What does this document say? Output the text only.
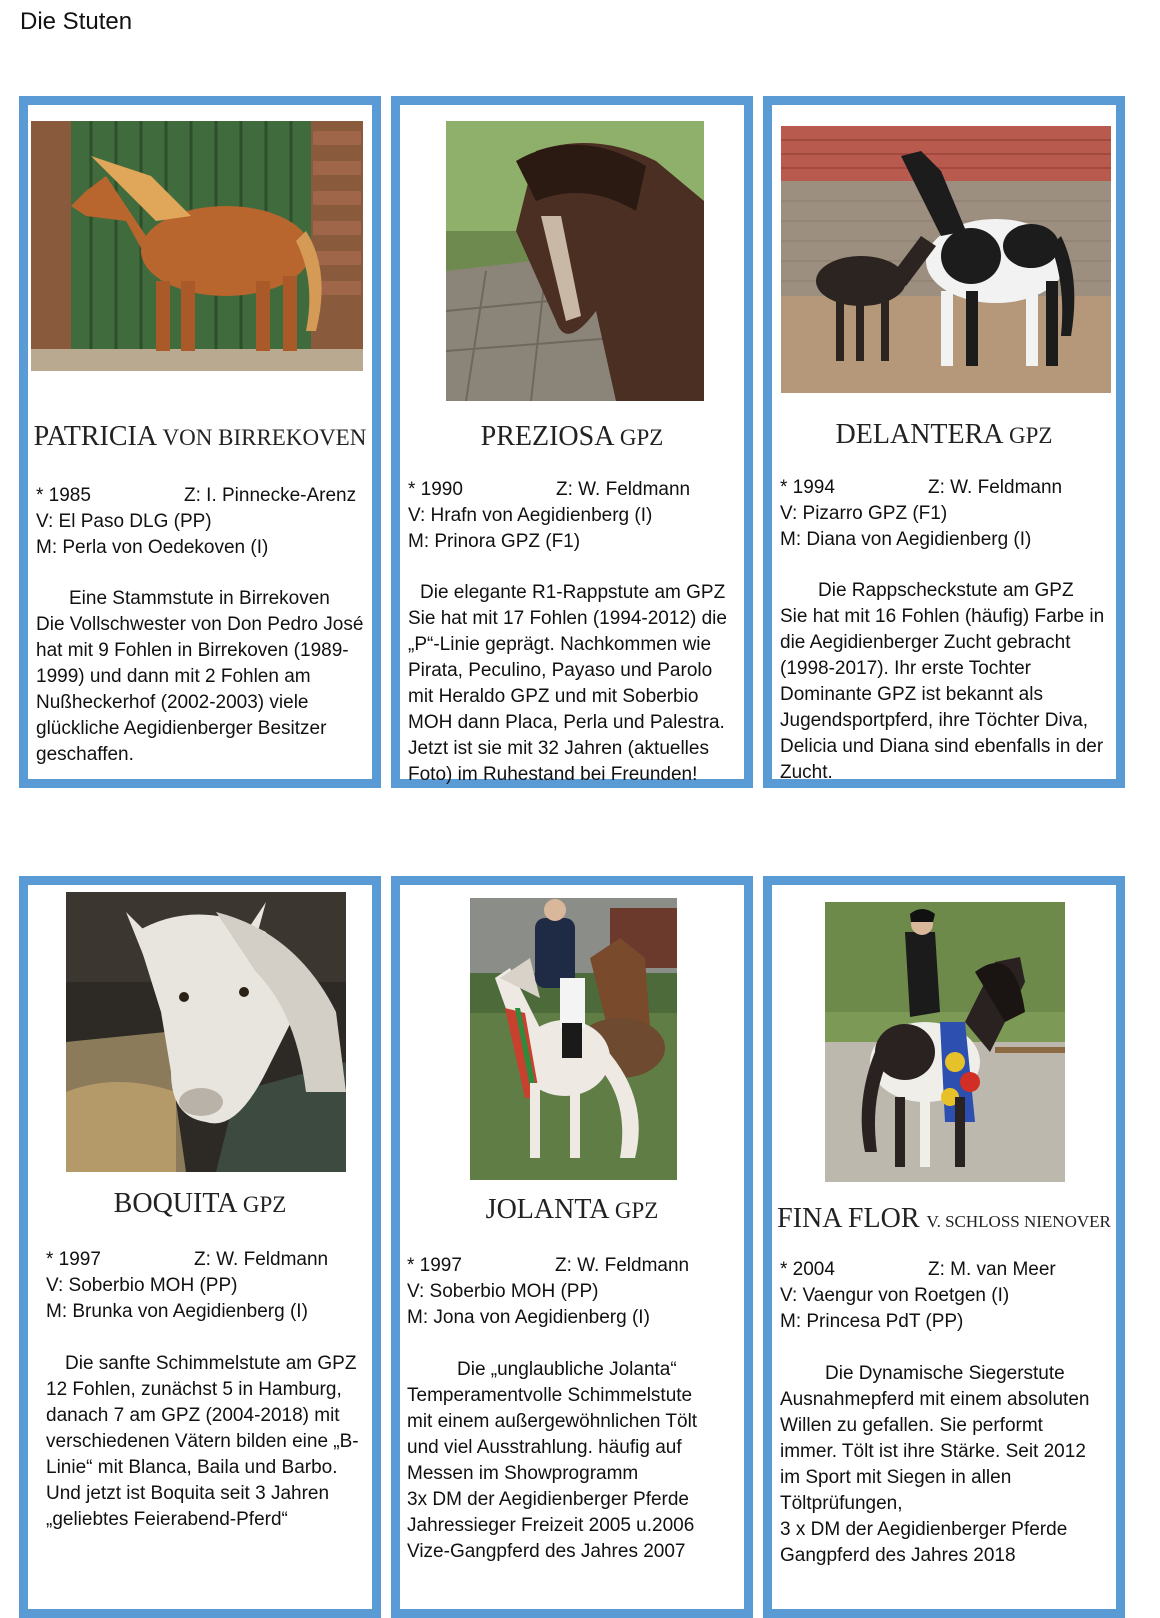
Die Stuten
PATRICIA VON BIRREKOVEN
* 1985	Z: I. Pinnecke-Arenz
V: El Paso DLG (PP)
M: Perla von Oedekoven (I)
Eine Stammstute in Birrekoven
Die Vollschwester von Don Pedro José
hat mit 9 Fohlen in Birrekoven (1989-
1999) und dann mit 2 Fohlen am
Nußheckerhof (2002-2003) viele
glückliche Aegidienberger Besitzer
geschaffen.
PREZIOSA GPZ
* 1990	Z: W. Feldmann
V: Hrafn von Aegidienberg (I)
M: Prinora GPZ (F1)
Die elegante R1-Rappstute am GPZ
Sie hat mit 17 Fohlen (1994-2012) die
„P“-Linie geprägt. Nachkommen wie
Pirata, Peculino, Payaso und Parolo
mit Heraldo GPZ und mit Soberbio
MOH dann Placa, Perla und Palestra.
Jetzt ist sie mit 32 Jahren (aktuelles
Foto) im Ruhestand bei Freunden!
DELANTERA GPZ
* 1994	Z: W. Feldmann
V: Pizarro GPZ (F1)
M: Diana von Aegidienberg (I)
Die Rappscheckstute am GPZ
Sie hat mit 16 Fohlen (häufig) Farbe in
die Aegidienberger Zucht gebracht
(1998-2017). Ihr erste Tochter
Dominante GPZ ist bekannt als
Jugendsportpferd, ihre Töchter Diva,
Delicia und Diana sind ebenfalls in der
Zucht.
BOQUITA GPZ
* 1997	Z: W. Feldmann
V: Soberbio MOH (PP)
M: Brunka von Aegidienberg (I)
Die sanfte Schimmelstute am GPZ
12 Fohlen, zunächst 5 in Hamburg,
danach 7 am GPZ (2004-2018) mit
verschiedenen Vätern bilden eine „B-
Linie“ mit Blanca, Baila und Barbo.
Und jetzt ist Boquita seit 3 Jahren
„geliebtes Feierabend-Pferd“
JOLANTA GPZ
* 1997	Z: W. Feldmann
V: Soberbio MOH (PP)
M: Jona von Aegidienberg (I)
Die „unglaubliche Jolanta“
Temperamentvolle Schimmelstute
mit einem außergewöhnlichen Tölt
und viel Ausstrahlung. häufig auf
Messen im Showprogramm
3x DM der Aegidienberger Pferde
Jahressieger Freizeit 2005 u.2006
Vize-Gangpferd des Jahres 2007
FINA FLOR V. SCHLOSS NIENOVER
* 2004	Z: M. van Meer
V: Vaengur von Roetgen (I)
M: Princesa PdT (PP)
Die Dynamische Siegerstute
Ausnahmepferd mit einem absoluten
Willen zu gefallen. Sie performt
immer. Tölt ist ihre Stärke. Seit 2012
im Sport mit Siegen in allen
Töltprüfungen,
3 x DM der Aegidienberger Pferde
Gangpferd des Jahres 2018
